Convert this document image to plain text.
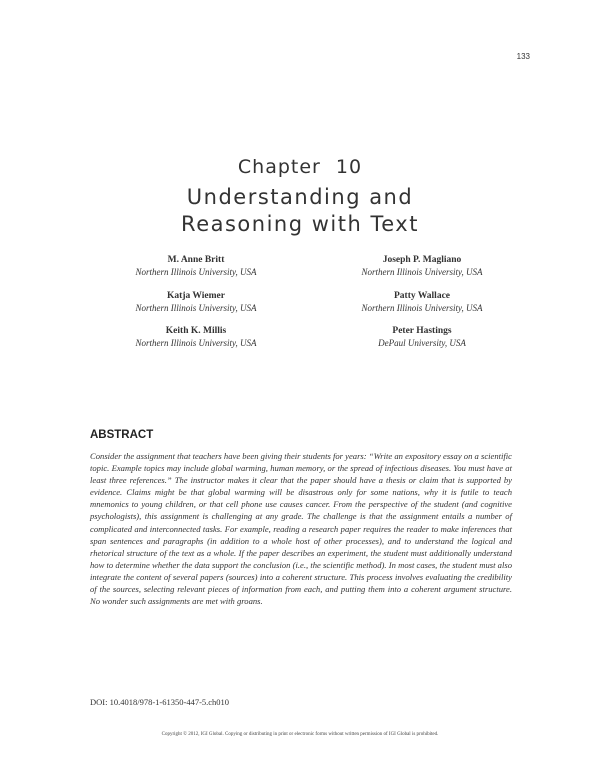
133
Chapter 10
Understanding and
Reasoning with Text
M. Anne Britt
Northern Illinois University, USA
Joseph P. Magliano
Northern Illinois University, USA
Katja Wiemer
Northern Illinois University, USA
Patty Wallace
Northern Illinois University, USA
Keith K. Millis
Northern Illinois University, USA
Peter Hastings
DePaul University, USA
ABSTRACT
Consider the assignment that teachers have been giving their students for years: “Write an expository essay on a scientific topic. Example topics may include global warming, human memory, or the spread of infectious diseases. You must have at least three references.” The instructor makes it clear that the paper should have a thesis or claim that is supported by evidence. Claims might be that global warming will be disastrous only for some nations, why it is futile to teach mnemonics to young children, or that cell phone use causes cancer. From the perspective of the student (and cognitive psychologists), this assignment is challenging at any grade. The challenge is that the assignment entails a number of complicated and interconnected tasks. For example, reading a research paper requires the reader to make inferences that span sentences and paragraphs (in addition to a whole host of other processes), and to understand the logical and rhetorical structure of the text as a whole. If the paper describes an experiment, the student must additionally understand how to determine whether the data support the conclusion (i.e., the scientific method). In most cases, the student must also integrate the content of several papers (sources) into a coherent structure. This process involves evaluating the credibility of the sources, selecting relevant pieces of information from each, and putting them into a coherent argument structure. No wonder such assignments are met with groans.
DOI: 10.4018/978-1-61350-447-5.ch010
Copyright © 2012, IGI Global. Copying or distributing in print or electronic forms without written permission of IGI Global is prohibited.
